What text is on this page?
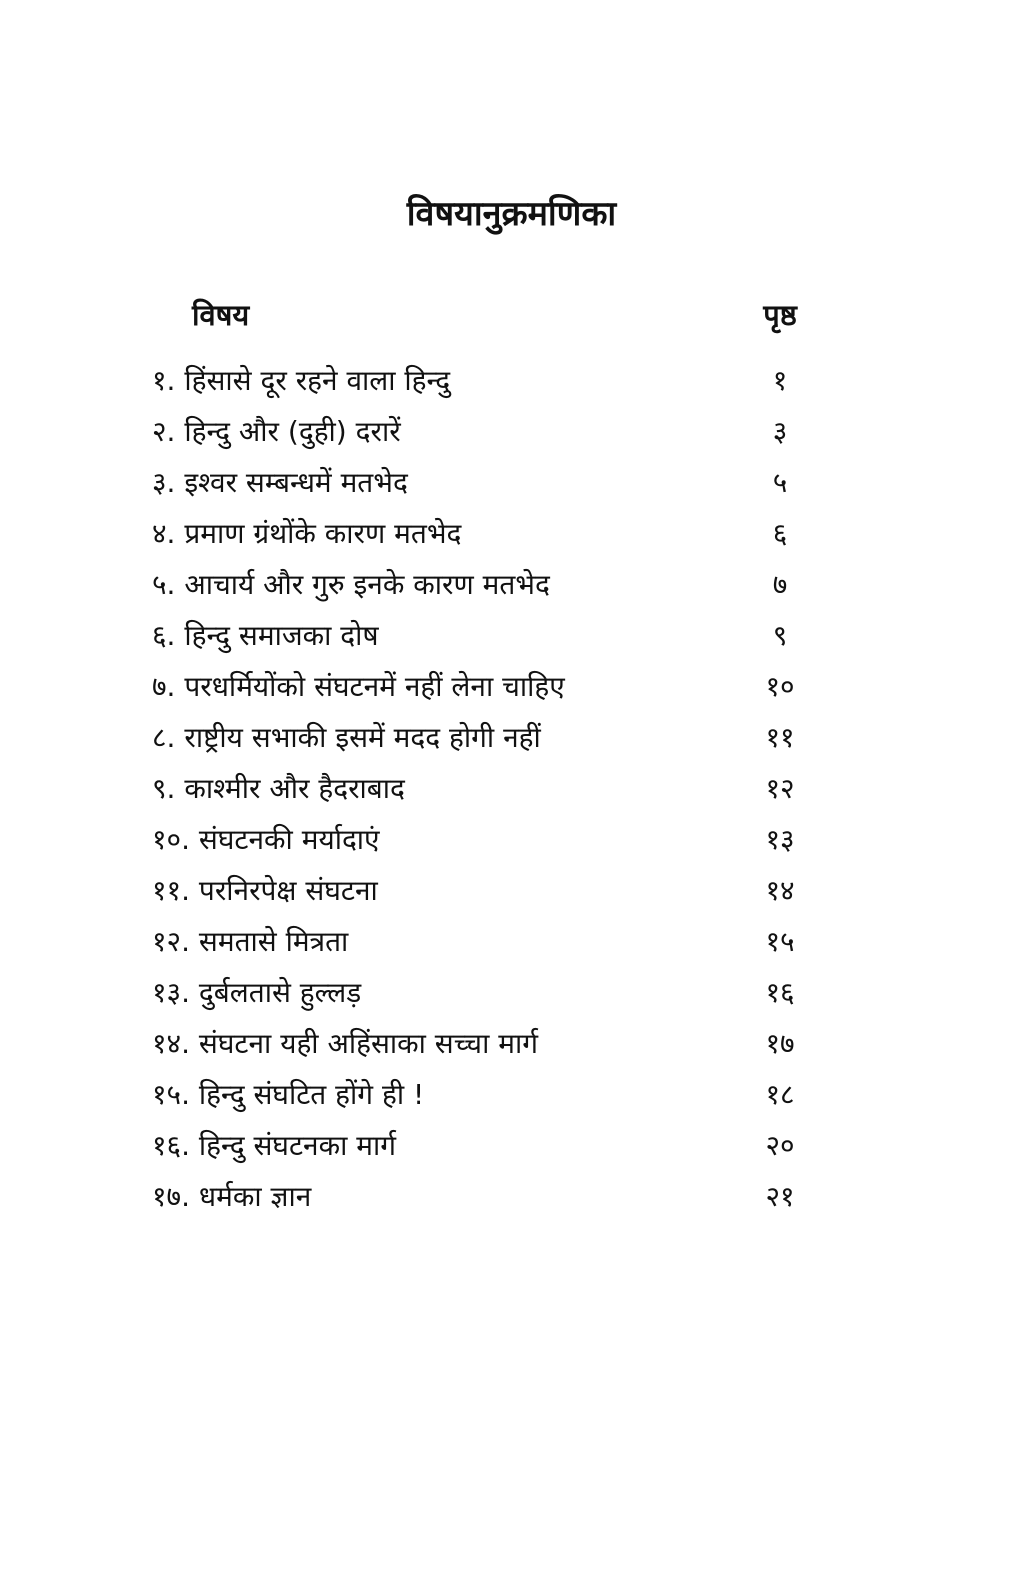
विषयानुक्रमणिका
विषय	पृष्ठ
१. हिंसासे दूर रहने वाला हिन्दु	१
२. हिन्दु और (दुही) दरारें	३
३. इश्वर सम्बन्धमें मतभेद	५
४. प्रमाण ग्रंथोंके कारण मतभेद	६
५. आचार्य और गुरु इनके कारण मतभेद	७
६. हिन्दु समाजका दोष	९
७. परधर्मियोंको संघटनमें नहीं लेना चाहिए	१०
८. राष्ट्रीय सभाकी इसमें मदद होगी नहीं	११
९. काश्मीर और हैदराबाद	१२
१०. संघटनकी मर्यादाएं	१३
११. परनिरपेक्ष संघटना	१४
१२. समतासे मित्रता	१५
१३. दुर्बलतासे हुल्लड़	१६
१४. संघटना यही अहिंसाका सच्चा मार्ग	१७
१५. हिन्दु संघटित होंगे ही !	१८
१६. हिन्दु संघटनका मार्ग	२०
१७. धर्मका ज्ञान	२१
